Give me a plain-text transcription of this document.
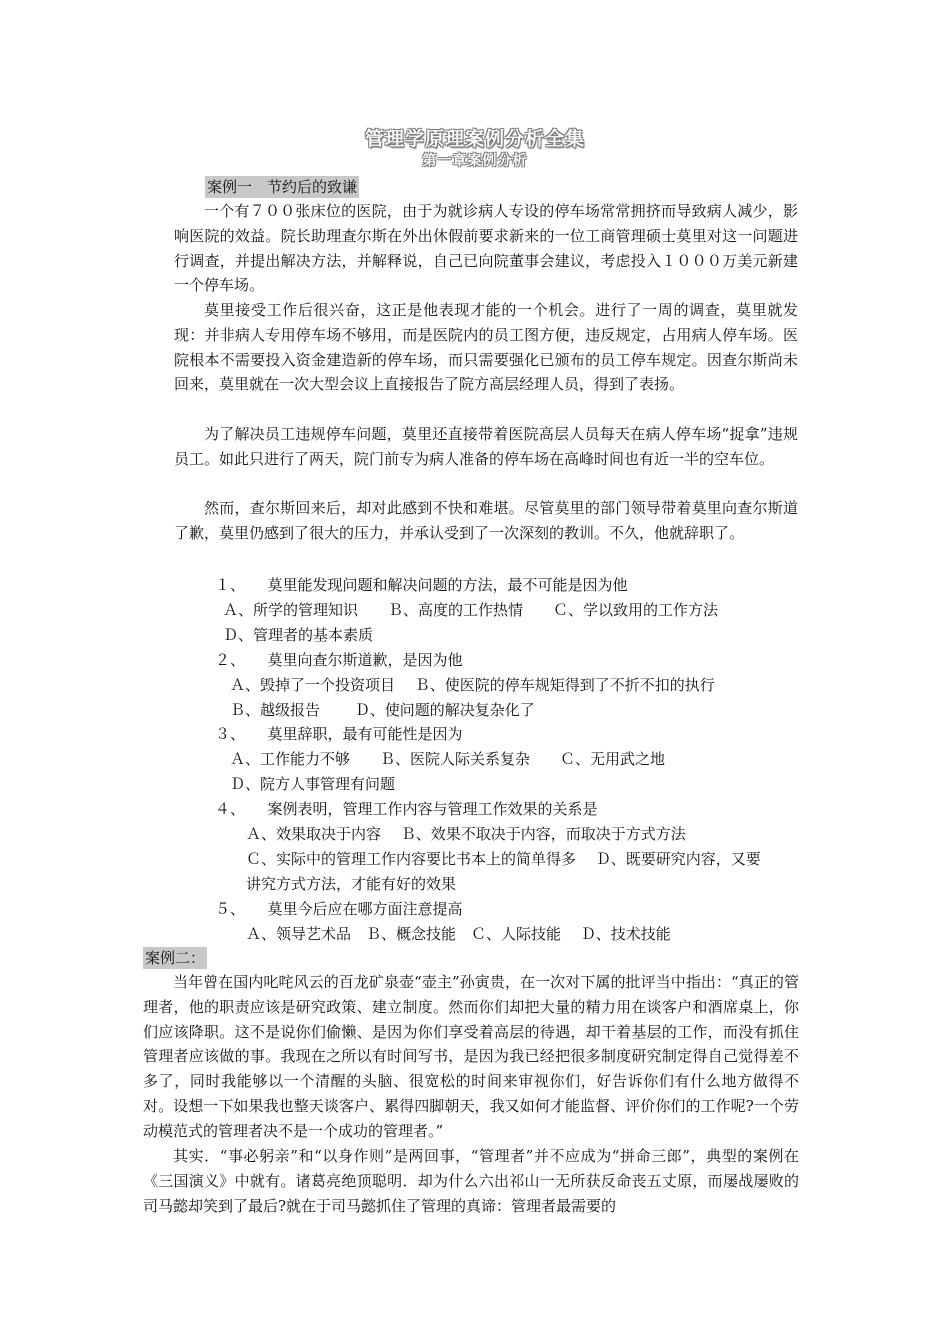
管理学原理案例分析全集
第一章案例分析
案例一　节约后的致谦
一个有７００张床位的医院，由于为就诊病人专设的停车场常常拥挤而导致病人减少，影响医院的效益。院长助理查尔斯在外出休假前要求新来的一位工商管理硕士莫里对这一问题进行调查，并提出解决方法，并解释说，自己已向院董事会建议，考虑投入１０００万美元新建一个停车场。
莫里接受工作后很兴奋，这正是他表现才能的一个机会。进行了一周的调查，莫里就发现：并非病人专用停车场不够用，而是医院内的员工图方便，违反规定，占用病人停车场。医院根本不需要投入资金建造新的停车场，而只需要强化已颁布的员工停车规定。因查尔斯尚未回来，莫里就在一次大型会议上直接报告了院方高层经理人员，得到了表扬。
为了解决员工违规停车问题，莫里还直接带着医院高层人员每天在病人停车场“捉拿”违规员工。如此只进行了两天，院门前专为病人准备的停车场在高峰时间也有近一半的空车位。
然而，查尔斯回来后，却对此感到不快和难堪。尽管莫里的部门领导带着莫里向查尔斯道了歉，莫里仍感到了很大的压力，并承认受到了一次深刻的教训。不久，他就辞职了。
１、　　莫里能发现问题和解决问题的方法，最不可能是因为他
Ａ、所学的管理知识　　Ｂ、高度的工作热情　　Ｃ、学以致用的工作方法
Ｄ、管理者的基本素质
２、　　莫里向查尔斯道歉，是因为他
Ａ、毁掉了一个投资项目　 Ｂ、使医院的停车规矩得到了不折不扣的执行
Ｂ、越级报告　　 Ｄ、使问题的解决复杂化了
３、　　莫里辞职，最有可能性是因为
Ａ、工作能力不够　　Ｂ、医院人际关系复杂　　Ｃ、无用武之地
Ｄ、院方人事管理有问题
４、　　案例表明，管理工作内容与管理工作效果的关系是
Ａ、效果取决于内容　 Ｂ、效果不取决于内容，而取决于方式方法
Ｃ、实际中的管理工作内容要比书本上的简单得多　 Ｄ、既要研究内容，又要
讲究方式方法，才能有好的效果
５、　　莫里今后应在哪方面注意提高
Ａ、领导艺术品　Ｂ、概念技能　Ｃ、人际技能　 Ｄ、技术技能
案例二：
当年曾在国内叱咤风云的百龙矿泉壶“壶主”孙寅贵，在一次对下属的批评当中指出：“真正的管理者，他的职责应该是研究政策、建立制度。然而你们却把大量的精力用在谈客户和酒席桌上，你们应该降职。这不是说你们偷懒、是因为你们享受着高层的待遇，却干着基层的工作，而没有抓住管理者应该做的事。我现在之所以有时间写书，是因为我已经把很多制度研究制定得自己觉得差不多了，同时我能够以一个清醒的头脑、很宽松的时间来审视你们，好告诉你们有什么地方做得不对。设想一下如果我也整天谈客户、累得四脚朝天，我又如何才能监督、评价你们的工作呢?一个劳动模范式的管理者决不是一个成功的管理者。”
其实．“事必躬亲”和“以身作则”是两回事，“管理者”并不应成为“拼命三郎”，典型的案例在《三国演义》中就有。诸葛亮绝顶聪明．却为什么六出祁山一无所获反命丧五丈原，而屡战屡败的司马懿却笑到了最后?就在于司马懿抓住了管理的真谛：管理者最需要的
